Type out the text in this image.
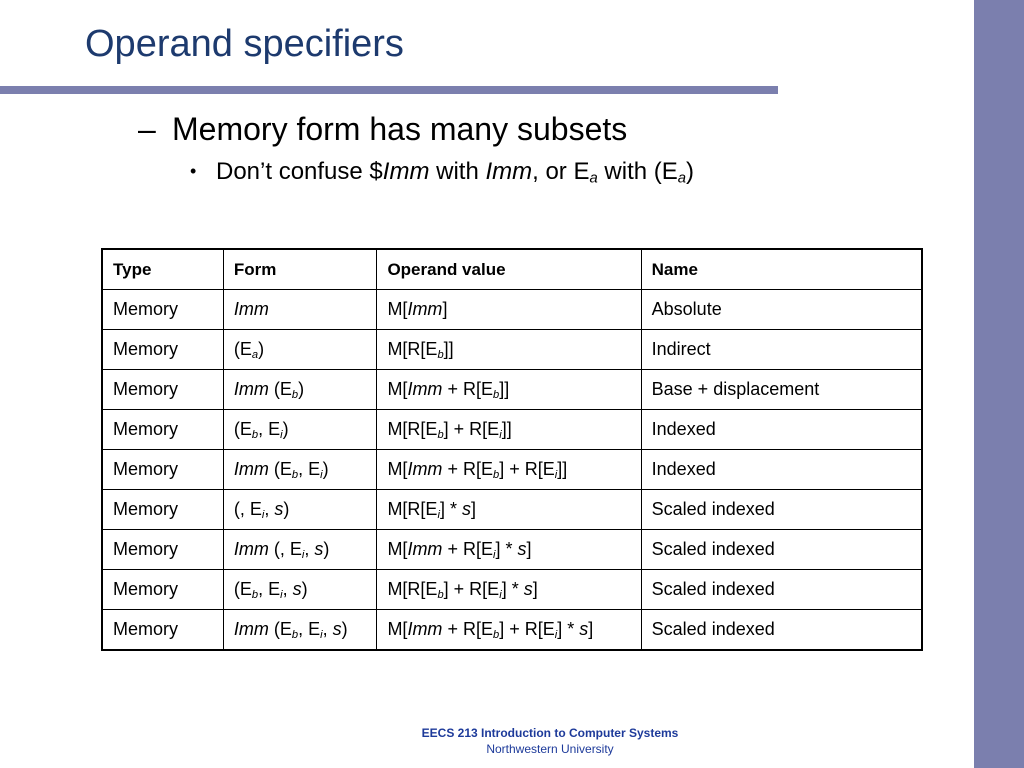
Operand specifiers
– Memory form has many subsets
• Don’t confuse $Imm with Imm, or $E_a$ with $(E_a)$
Type	Form	Operand value	Name
Memory	Imm	M[Imm]	Absolute
Memory	$(E_a)$	$M[R[E_b]]$	Indirect
Memory	Imm $(E_b)$	$M[Imm + R[E_b]]$	Base + displacement
Memory	($E_b$, $E_i$)	$M[R[E_b] + R[E_i]]$	Indexed
Memory	Imm ($E_b$, $E_i$)	$M[Imm + R[E_b] + R[E_i]]$	Indexed
Memory	(, $E_i$, s)	$M[R[E_i] * s]$	Scaled indexed
Memory	Imm (, $E_i$, s)	$M[Imm + R[E_i] * s]$	Scaled indexed
Memory	($E_b$, $E_i$, s)	$M[R[E_b] + R[E_i] * s]$	Scaled indexed
Memory	Imm ($E_b$, $E_i$, s)	$M[Imm + R[E_b] + R[E_i] * s]$	Scaled indexed
EECS 213 Introduction to Computer Systems
Northwestern University
